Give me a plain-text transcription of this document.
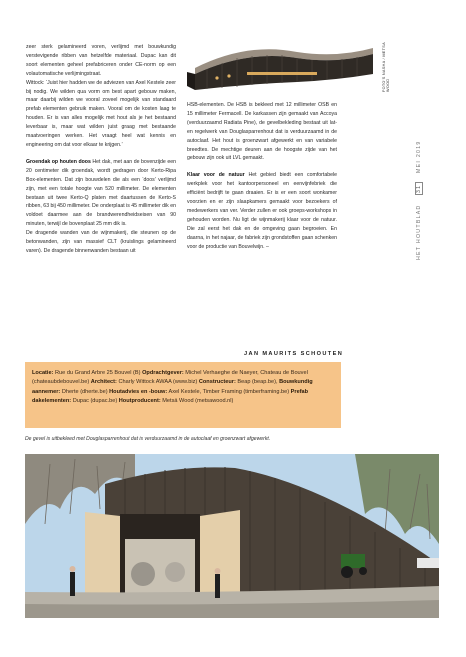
FOTO'S NASHA / METSA WOOD

zeer sterk gelamineerd voren, verlijmd met bouwkundig verstevigende ribben van hetzelfde materiaal. Dupac kan dit soort elementen geheel prefabriceren onder CE-norm op een volautomatische verlijmingstraat.

Wittock: ‘Juist hier hadden we de adviezen van Axel Kestele zeer bij nodig. We wilden qua vorm om best apart gebouw maken, maar daarbij wilden we vooral zoveel mogelijk van standaard prefab elementen gebruik maken. Vooral om de kosten laag te houden. Er is van alles mogelijk met hout als je het bestaand leverbaar is, maar wat wilden juist graag met bestaande maatvoeringen werken. Het vraagt heel wat kennis en engineering om dat voor elkaar te krijgen.’

Groendak op houten doos Het dak, met aan de bovenzijde een 20 centimeter dik groendak, wordt gedragen door Kerto-Ripa Box-elementen. Dat zijn bouwdelen die als een ‘doos’ verlijmd zijn, met een totale hoogte van 520 millimeter. De elementen bestaan uit twee Kerto-Q platen met daartussen de Kerto-S ribben, 63 bij 450 millimeter. De onderplaat is 45 millimeter dik en voldoet daarmee aan de brandwerendheidseisen van 90 minuten, terwijl de bovenplaat 25 mm dik is.

De dragende wanden van de wijnmakerij, die steunen op de betonwanden, zijn van massief CLT (kruislings gelamineerd varen). De dragende binnenwanden bestaan uit

HSB-elementen. De HSB is bekleed met 12 millimeter OSB en 15 millimeter Fermacell. De karkassen zijn gemaakt van Accoya (verduurzaamd Radiata Pine), de gevelbekleding bestaat uit lat- en regelwerk van Douglasparrenhout dat is verduurzaamd in de autoclaaf. Het hout is groenzwart afgewerkt en van variabele breedtes. De mechtige deuren aan de hoogste zijde van het gebouw zijn ook uit LVL gemaakt.

Klaar voor de natuur Het gebied biedt een comfortabele werkplek voor het kantoorpersoneel en eenvijnfebriek die efficiënt bedrijft te gaan draaien. Er is er een soort wonkamer voorzien en er zijn slaapkamers gemaakt voor bezoekers of medewerkers van ver. Verder zullen er ook groeps-workshops in gehouden worden. Nu ligt de wijnmakerij klaar voor de natuur. Die zal eerst het dak en de omgeving gaan begroeien. En daarna, in het najaar, de fabriek zijn grondstoffen gaan schenken voor de productie van Bouvelwijn. –

JAN MAURITS SCHOUTEN
HET HOUTBLAD
31
MEI 2019
Locatie: Rue du Grand Arbre 25 Bouvel (B) Opdrachtgever: Michel Verhaeghe de Naeyer, Chateau de Bouvel (chateaubdebouvel.be) Architect: Charly Wittock AWAA (www.biz) Constructeur: Beap (beap.be), Bouwkundig aannemer: Dherte (dherte.be) Houtadvies en -bouw: Axel Kestele, Timber Framing (timberframing.be) Prefab dakelementen: Dupac (dupac.be) Houtproducent: Metsä Wood (metsawood.nl)
De gevel is uitbekleed met Douglasparrenhout dat is verduurzaamd in de autoclaaf en groenzwart afgewerkt.
